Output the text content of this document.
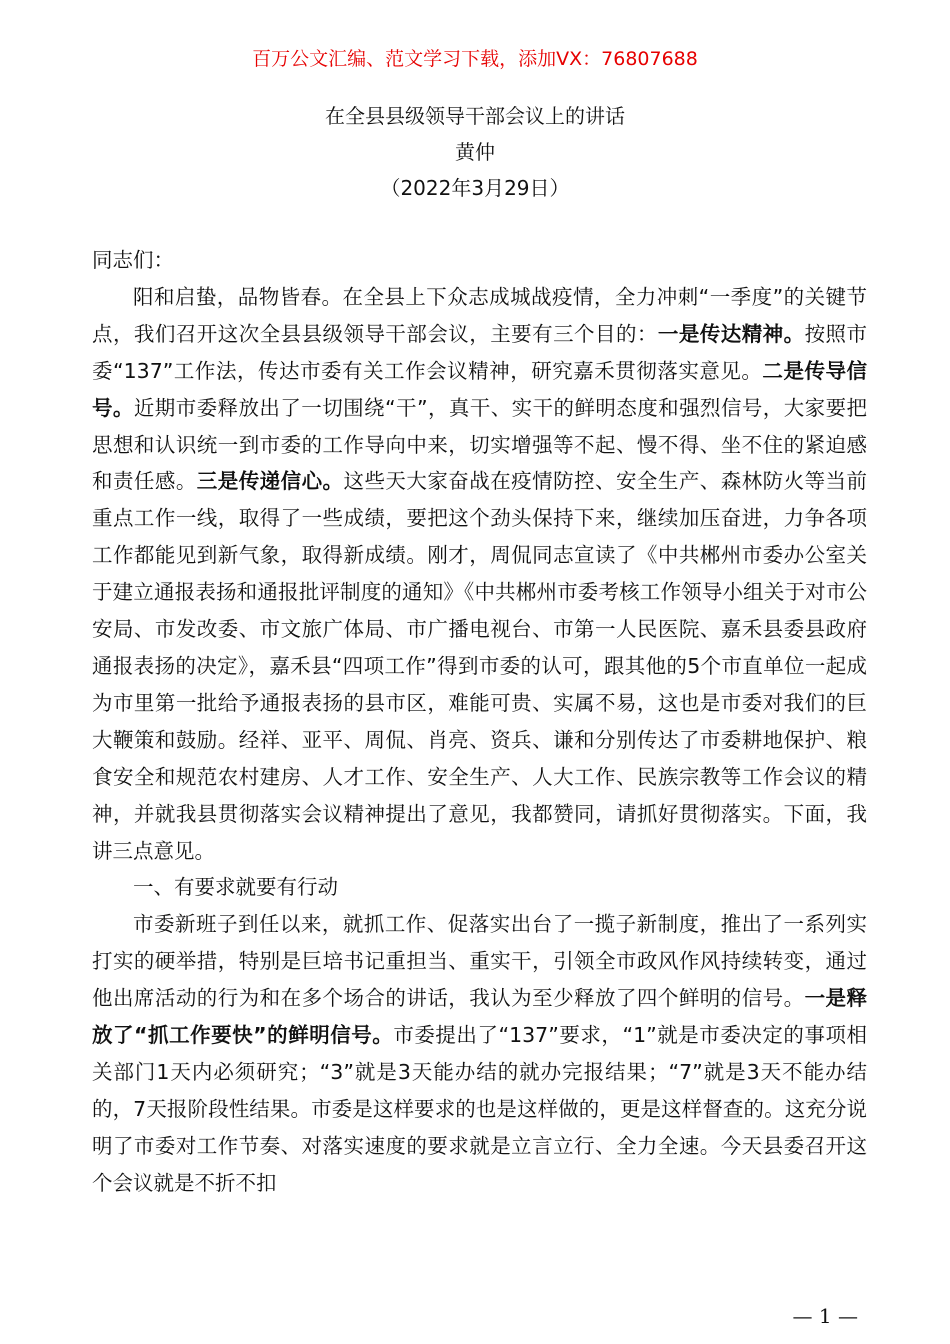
百万公文汇编、范文学习下载，添加VX：76807688
在全县县级领导干部会议上的讲话
黄仲
（2022年3月29日）

同志们：

阳和启蛰，品物皆春。在全县上下众志成城战疫情，全力冲刺“一季度”的关键节点，我们召开这次全县县级领导干部会议，主要有三个目的：一是传达精神。按照市委“137”工作法，传达市委有关工作会议精神，研究嘉禾贯彻落实意见。二是传导信号。近期市委释放出了一切围绕“干”，真干、实干的鲜明态度和强烈信号，大家要把思想和认识统一到市委的工作导向中来，切实增强等不起、慢不得、坐不住的紧迫感和责任感。三是传递信心。这些天大家奋战在疫情防控、安全生产、森林防火等当前重点工作一线，取得了一些成绩，要把这个劲头保持下来，继续加压奋进，力争各项工作都能见到新气象，取得新成绩。刚才，周侃同志宣读了《中共郴州市委办公室关于建立通报表扬和通报批评制度的通知》《中共郴州市委考核工作领导小组关于对市公安局、市发改委、市文旅广体局、市广播电视台、市第一人民医院、嘉禾县委县政府通报表扬的决定》，嘉禾县“四项工作”得到市委的认可，跟其他的5个市直单位一起成为市里第一批给予通报表扬的县市区，难能可贵、实属不易，这也是市委对我们的巨大鞭策和鼓励。经祥、亚平、周侃、肖亮、资兵、谦和分别传达了市委耕地保护、粮食安全和规范农村建房、人才工作、安全生产、人大工作、民族宗教等工作会议的精神，并就我县贯彻落实会议精神提出了意见，我都赞同，请抓好贯彻落实。下面，我讲三点意见。

一、有要求就要有行动

市委新班子到任以来，就抓工作、促落实出台了一揽子新制度，推出了一系列实打实的硬举措，特别是巨培书记重担当、重实干，引领全市政风作风持续转变，通过他出席活动的行为和在多个场合的讲话，我认为至少释放了四个鲜明的信号。一是释放了“抓工作要快”的鲜明信号。市委提出了“137”要求，“1”就是市委决定的事项相关部门1天内必须研究；“3”就是3天能办结的就办完报结果；“7”就是3天不能办结的，7天报阶段性结果。市委是这样要求的也是这样做的，更是这样督查的。这充分说明了市委对工作节奏、对落实速度的要求就是立言立行、全力全速。今天县委召开这个会议就是不折不扣

— 1 —
